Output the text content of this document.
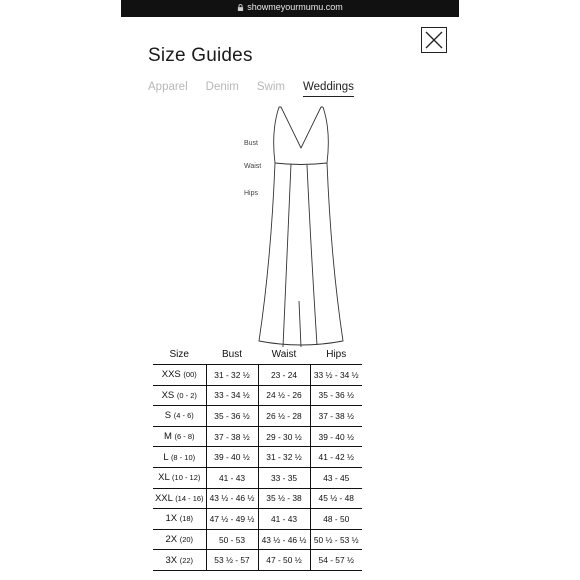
showmeyourmumu.com
Size Guides
Apparel Denim Swim Weddings
Bust
Waist
Hips
Size	Bust	Waist	Hips
XXS (00)	31 - 32 ½	23 - 24	33 ½ - 34 ½
XS (0 - 2)	33 - 34 ½	24 ½ - 26	35 - 36 ½
S (4 - 6)	35 - 36 ½	26 ½ - 28	37 - 38 ½
M (6 - 8)	37 - 38 ½	29 - 30 ½	39 - 40 ½
L (8 - 10)	39 - 40 ½	31 - 32 ½	41 - 42 ½
XL (10 - 12)	41 - 43	33 - 35	43 - 45
XXL (14 - 16)	43 ½ - 46 ½	35 ½ - 38	45 ½ - 48
1X (18)	47 ½ - 49 ½	41 - 43	48 - 50
2X (20)	50 - 53	43 ½ - 46 ½	50 ½ - 53 ½
3X (22)	53 ½ - 57	47 - 50 ½	54 - 57 ½
